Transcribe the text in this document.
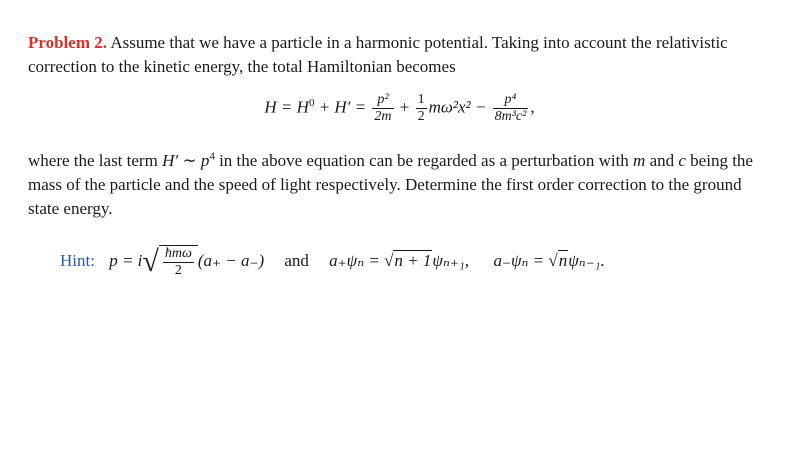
Problem 2. Assume that we have a particle in a harmonic potential. Taking into account the relativistic correction to the kinetic energy, the total Hamiltonian becomes
$H = H^0 + H' = \frac{\text{p²}}{2m} + \frac{1}{2} m\omega^2x^2 - \frac{\text{p⁴}}{\text{8m³c²}}$ ,
where the last term H′ ∼ $p^4$ in the above equation can be regarded as a perturbation with m and c being the mass of the particle and the speed of light respectively. Determine the first order correction to the ground state energy.
Hint: $p = i√ \frac{\text{ħmω}}{2} (a_+ - a_-)$ and a₊ψₙ = √n + 1ψₙ₊₁, a₋ψₙ = √nψₙ₋₁.
